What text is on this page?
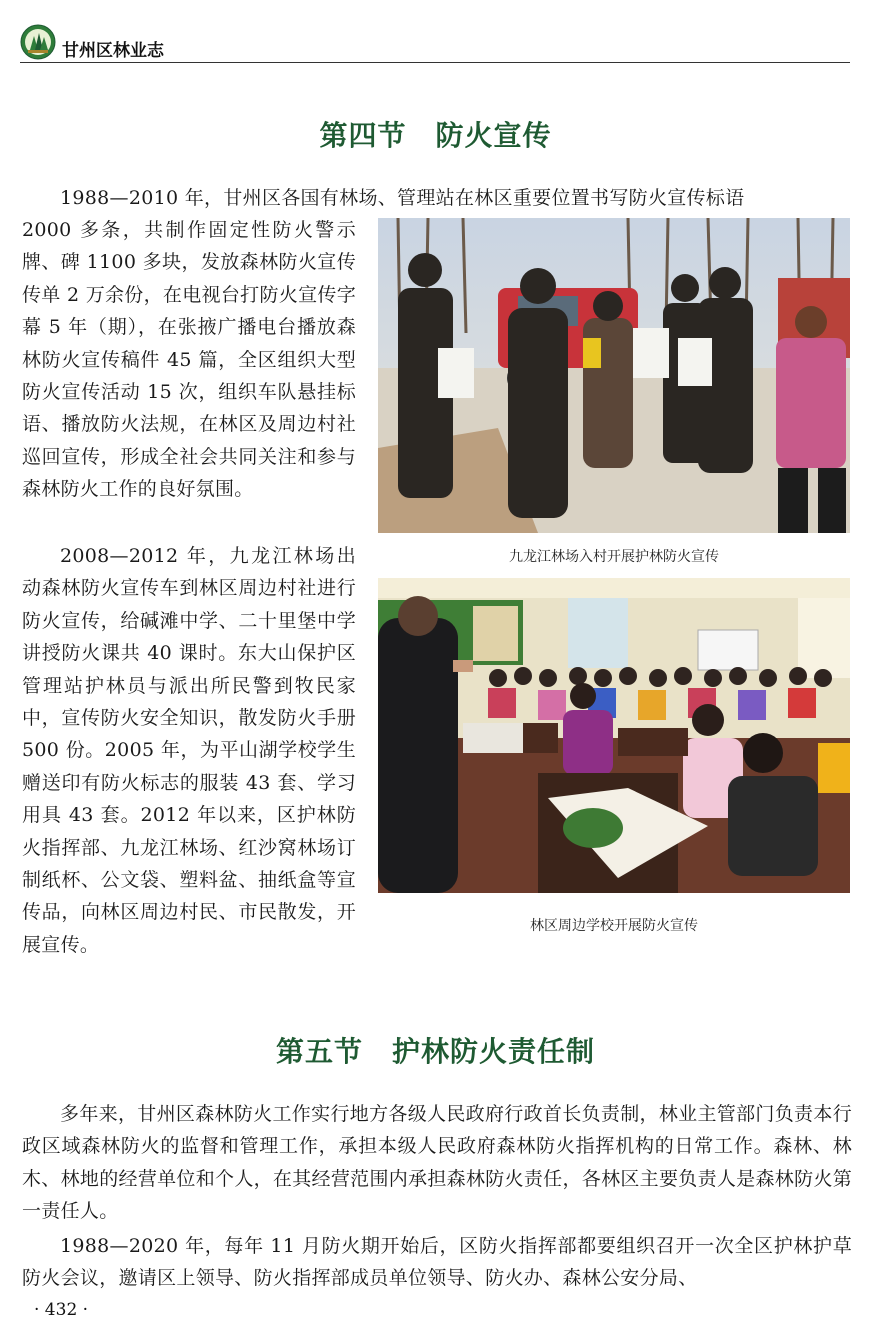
甘州区林业志
第四节　防火宣传

1988—2010 年，甘州区各国有林场、管理站在林区重要位置书写防火宣传标语

2000 多条，共制作固定性防火警示牌、碑 1100 多块，发放森林防火宣传传单 2 万余份，在电视台打防火宣传字幕 5 年（期），在张掖广播电台播放森林防火宣传稿件 45 篇，全区组织大型防火宣传活动 15 次，组织车队悬挂标语、播放防火法规，在林区及周边村社巡回宣传，形成全社会共同关注和参与森林防火工作的良好氛围。

2008—2012 年，九龙江林场出动森林防火宣传车到林区周边村社进行防火宣传，给碱滩中学、二十里堡中学讲授防火课共 40 课时。东大山保护区管理站护林员与派出所民警到牧民家中，宣传防火安全知识，散发防火手册 500 份。2005 年，为平山湖学校学生赠送印有防火标志的服装 43 套、学习用具 43 套。2012 年以来，区护林防火指挥部、九龙江林场、红沙窝林场订制纸杯、公文袋、塑料盆、抽纸盒等宣传品，向林区周边村民、市民散发，开展宣传。

九龙江林场入村开展护林防火宣传
林区周边学校开展防火宣传
第五节　护林防火责任制

多年来，甘州区森林防火工作实行地方各级人民政府行政首长负责制，林业主管部门负责本行政区域森林防火的监督和管理工作，承担本级人民政府森林防火指挥机构的日常工作。森林、林木、林地的经营单位和个人，在其经营范围内承担森林防火责任，各林区主要负责人是森林防火第一责任人。

1988—2020 年，每年 11 月防火期开始后，区防火指挥部都要组织召开一次全区护林护草防火会议，邀请区上领导、防火指挥部成员单位领导、防火办、森林公安分局、

· 432 ·
